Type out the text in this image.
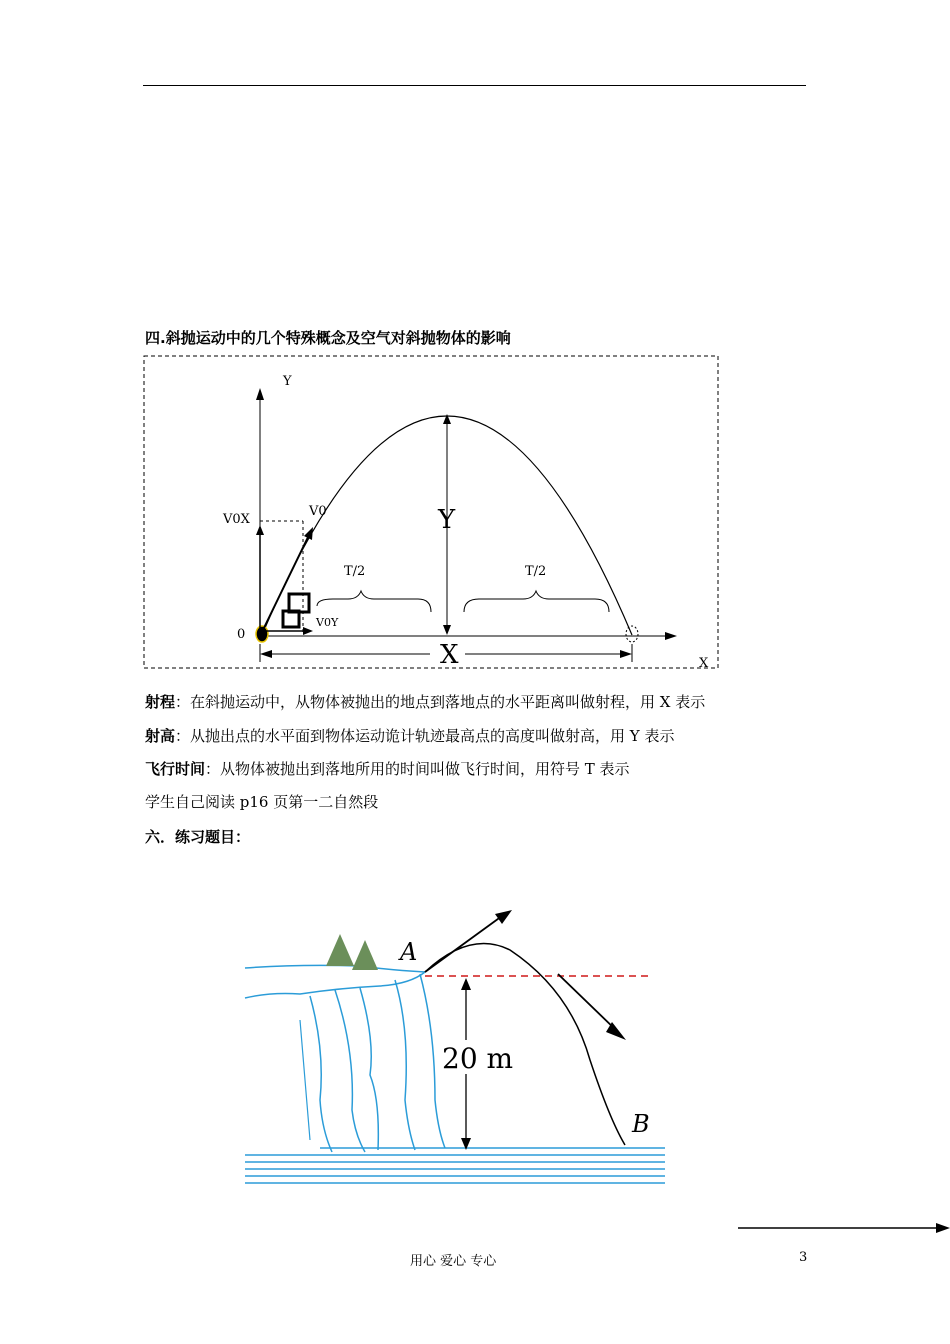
四.斜抛运动中的几个特殊概念及空气对斜抛物体的影响
Y
X
0
V0
V0X
V0Y
Y
T/2	T/2
X
射程：在斜抛运动中，从物体被抛出的地点到落地点的水平距离叫做射程，用 X 表示
射高：从抛出点的水平面到物体运动诡计轨迹最高点的高度叫做射高，用 Y 表示
飞行时间：从物体被抛出到落地所用的时间叫做飞行时间，用符号 T 表示
学生自己阅读 p16 页第一二自然段
六．练习题目：
20 m
A
B
用心 爱心 专心	3
